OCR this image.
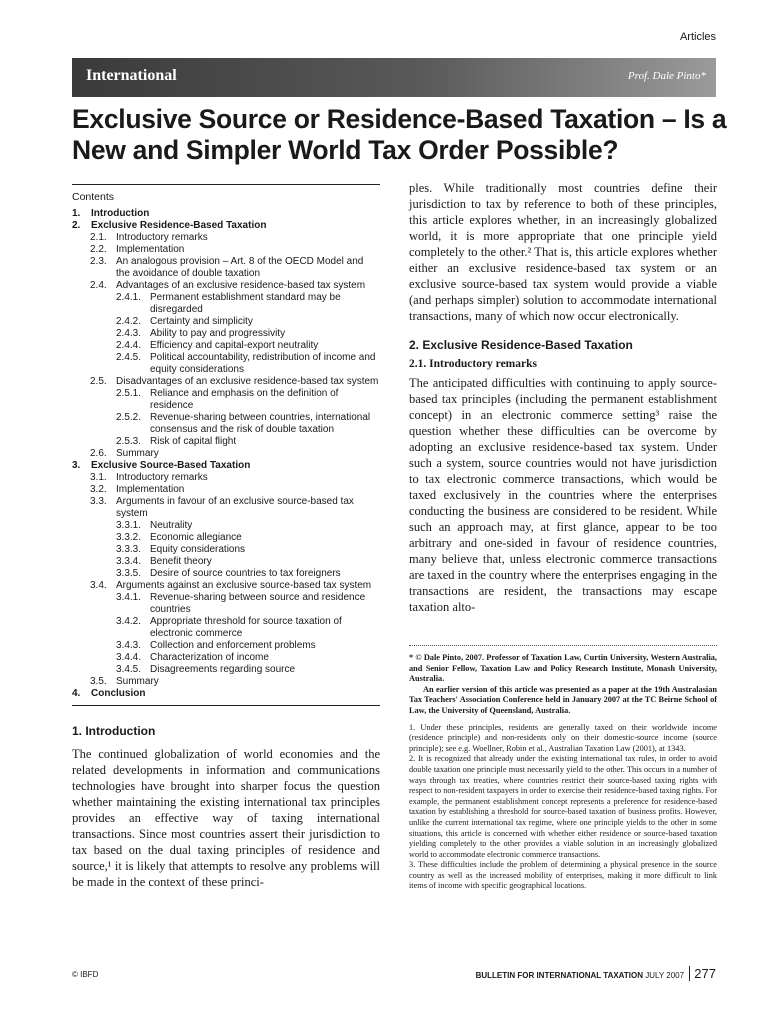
Articles
International	Prof. Dale Pinto*
Exclusive Source or Residence-Based Taxation – Is a New and Simpler World Tax Order Possible?
Contents
1. Introduction
2. Exclusive Residence-Based Taxation
2.1. Introductory remarks
2.2. Implementation
2.3. An analogous provision – Art. 8 of the OECD Model and the avoidance of double taxation
2.4. Advantages of an exclusive residence-based tax system
2.4.1. Permanent establishment standard may be disregarded
2.4.2. Certainty and simplicity
2.4.3. Ability to pay and progressivity
2.4.4. Efficiency and capital-export neutrality
2.4.5. Political accountability, redistribution of income and equity considerations
2.5. Disadvantages of an exclusive residence-based tax system
2.5.1. Reliance and emphasis on the definition of residence
2.5.2. Revenue-sharing between countries, international consensus and the risk of double taxation
2.5.3. Risk of capital flight
2.6. Summary
3. Exclusive Source-Based Taxation
3.1. Introductory remarks
3.2. Implementation
3.3. Arguments in favour of an exclusive source-based tax system
3.3.1. Neutrality
3.3.2. Economic allegiance
3.3.3. Equity considerations
3.3.4. Benefit theory
3.3.5. Desire of source countries to tax foreigners
3.4. Arguments against an exclusive source-based tax system
3.4.1. Revenue-sharing between source and residence countries
3.4.2. Appropriate threshold for source taxation of electronic commerce
3.4.3. Collection and enforcement problems
3.4.4. Characterization of income
3.4.5. Disagreements regarding source
3.5. Summary
4. Conclusion
1. Introduction

The continued globalization of world economies and the related developments in information and communications technologies have brought into sharper focus the question whether maintaining the existing international tax principles provides an effective way of taxing international transactions. Since most countries assert their jurisdiction to tax based on the dual taxing principles of residence and source,¹ it is likely that attempts to resolve any problems will be made in the context of these princi-

ples. While traditionally most countries define their jurisdiction to tax by reference to both of these principles, this article explores whether, in an increasingly globalized world, it is more appropriate that one principle yield completely to the other.² That is, this article explores whether either an exclusive residence-based tax system or an exclusive source-based tax system would provide a viable (and perhaps simpler) solution to accommodate international transactions, many of which now occur electronically.

2. Exclusive Residence-Based Taxation
2.1. Introductory remarks

The anticipated difficulties with continuing to apply source-based tax principles (including the permanent establishment concept) in an electronic commerce setting³ raise the question whether these difficulties can be overcome by adopting an exclusive residence-based tax system. Under such a system, source countries would not have jurisdiction to tax electronic commerce transactions, which would be taxed exclusively in the countries where the enterprises conducting the business are considered to be resident. While such an approach may, at first glance, appear to be too arbitrary and one-sided in favour of residence countries, many believe that, unless electronic commerce transactions are taxed in the country where the enterprises engaging in the transactions are resident, the transactions may escape taxation alto-

* © Dale Pinto, 2007. Professor of Taxation Law, Curtin University, Western Australia, and Senior Fellow, Taxation Law and Policy Research Institute, Monash University, Australia.

An earlier version of this article was presented as a paper at the 19th Australasian Tax Teachers' Association Conference held in January 2007 at the TC Beirne School of Law, the University of Queensland, Australia.

1. Under these principles, residents are generally taxed on their worldwide income (residence principle) and non-residents only on their domestic-source income (source principle); see e.g. Woellner, Robin et al., Australian Taxation Law (2001), at 1343.

2. It is recognized that already under the existing international tax rules, in order to avoid double taxation one principle must necessarily yield to the other. This occurs in a number of ways through tax treaties, where countries restrict their source-based taxing rights with respect to non-resident taxpayers in order to exercise their residence-based taxing rights. For example, the permanent establishment concept represents a preference for residence-based taxation by establishing a threshold for source-based taxation of business profits. However, unlike the current international tax regime, where one principle yields to the other in some situations, this article is concerned with whether either residence or source-based taxation yielding completely to the other provides a viable solution in an increasingly globalized world to accommodate electronic commerce transactions.

3. These difficulties include the problem of determining a physical presence in the source country as well as the increased mobility of enterprises, making it more difficult to link items of income with specific geographical locations.

© IBFD	BULLETIN FOR INTERNATIONAL TAXATION JULY 2007 277
